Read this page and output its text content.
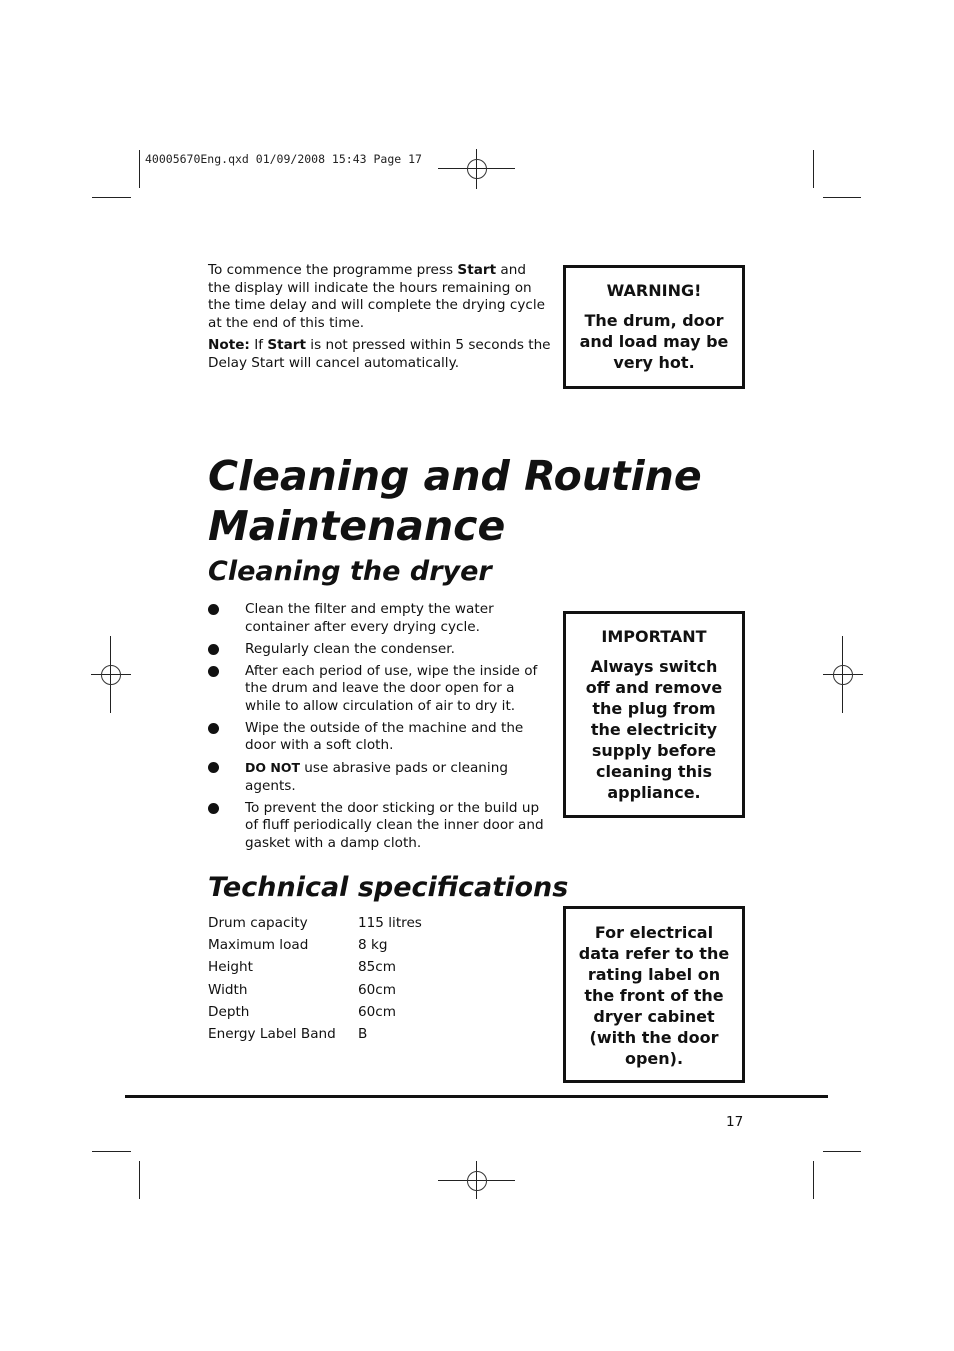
40005670Eng.qxd 01/09/2008 15:43 Page 17

To commence the programme press Start and the display will indicate the hours remaining on the time delay and will complete the drying cycle at the end of this time.

Note: If Start is not pressed within 5 seconds the Delay Start will cancel automatically.

WARNING!
The drum, door and load may be very hot.
Cleaning and Routine Maintenance
Cleaning the dryer
Clean the filter and empty the water container after every drying cycle.
Regularly clean the condenser.
After each period of use, wipe the inside of the drum and leave the door open for a while to allow circulation of air to dry it.
Wipe the outside of the machine and the door with a soft cloth.
DO NOT use abrasive pads or cleaning agents.
To prevent the door sticking or the build up of fluff periodically clean the inner door and gasket with a damp cloth.
IMPORTANT
Always switch off and remove the plug from the electricity supply before cleaning this appliance.
Technical specifications
Drum capacity	115 litres
Maximum load	8 kg
Height	85cm
Width	60cm
Depth	60cm
Energy Label Band	B
For electrical data refer to the rating label on the front of the dryer cabinet (with the door open).
17
